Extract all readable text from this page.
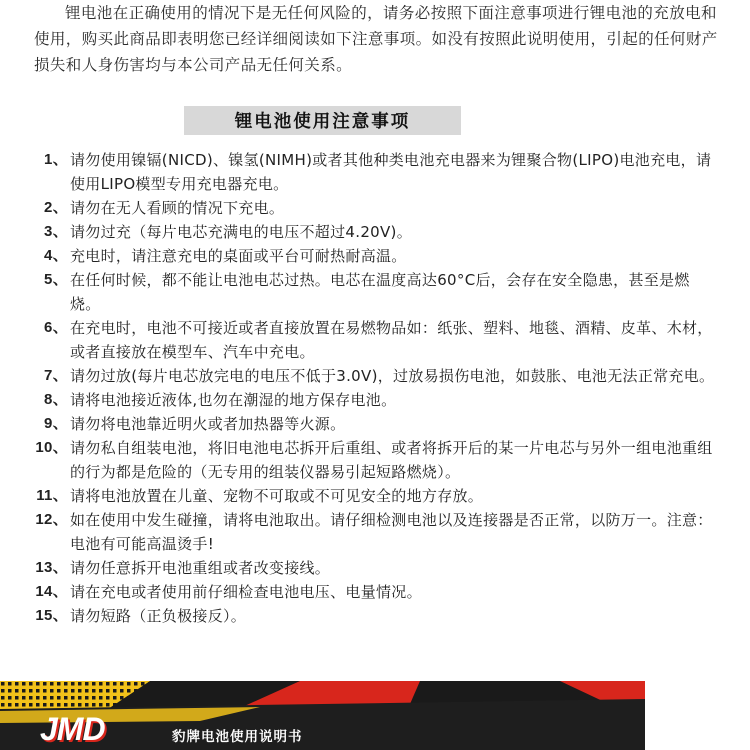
锂电池在正确使用的情况下是无任何风险的，请务必按照下面注意事项进行锂电池的充放电和使用，购买此商品即表明您已经详细阅读如下注意事项。如没有按照此说明使用，引起的任何财产损失和人身伤害均与本公司产品无任何关系。

锂电池使用注意事项
1、 请勿使用镍镉(NICD)、镍氢(NIMH)或者其他种类电池充电器来为锂聚合物(LIPO)电池充电，请使用LIPO模型专用充电器充电。
2、 请勿在无人看顾的情况下充电。
3、 请勿过充（每片电芯充满电的电压不超过4.20V)。
4、 充电时，请注意充电的桌面或平台可耐热耐高温。
5、 在任何时候，都不能让电池电芯过热。电芯在温度高达60°C后，会存在安全隐患，甚至是燃烧。
6、 在充电时，电池不可接近或者直接放置在易燃物品如：纸张、塑料、地毯、酒精、皮革、木材，或者直接放在模型车、汽车中充电。
7、 请勿过放(每片电芯放完电的电压不低于3.0V)，过放易损伤电池，如鼓胀、电池无法正常充电。
8、 请将电池接近液体,也勿在潮湿的地方保存电池。
9、 请勿将电池靠近明火或者加热器等火源。
10、 请勿私自组装电池，将旧电池电芯拆开后重组、或者将拆开后的某一片电芯与另外一组电池重组的行为都是危险的（无专用的组装仪器易引起短路燃烧）。
11、 请将电池放置在儿童、宠物不可取或不可见安全的地方存放。
12、 如在使用中发生碰撞，请将电池取出。请仔细检测电池以及连接器是否正常，以防万一。注意：电池有可能高温烫手!
13、 请勿任意拆开电池重组或者改变接线。
14、 请在充电或者使用前仔细检查电池电压、电量情况。
15、 请勿短路（正负极接反）。
JMD	豹牌电池使用说明书
